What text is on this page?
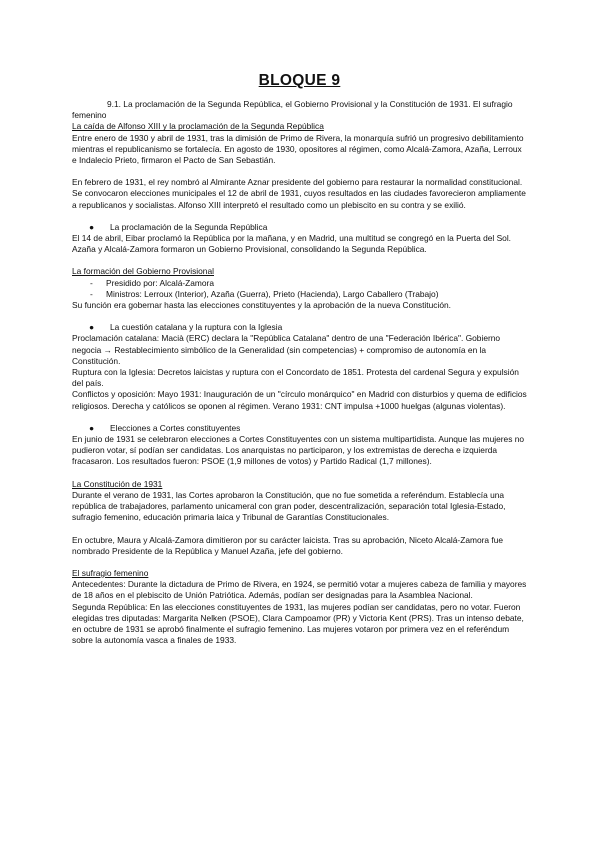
BLOQUE 9

9.1. La proclamación de la Segunda República, el Gobierno Provisional y la Constitución de 1931. El sufragio femenino

La caída de Alfonso XIII y la proclamación de la Segunda República

Entre enero de 1930 y abril de 1931, tras la dimisión de Primo de Rivera, la monarquía sufrió un progresivo debilitamiento mientras el republicanismo se fortalecía. En agosto de 1930, opositores al régimen, como Alcalá-Zamora, Azaña, Lerroux e Indalecio Prieto, firmaron el Pacto de San Sebastián.

En febrero de 1931, el rey nombró al Almirante Aznar presidente del gobierno para restaurar la normalidad constitucional. Se convocaron elecciones municipales el 12 de abril de 1931, cuyos resultados en las ciudades favorecieron ampliamente a republicanos y socialistas. Alfonso XIII interpretó el resultado como un plebiscito en su contra y se exilió.

● La proclamación de la Segunda República

El 14 de abril, Eibar proclamó la República por la mañana, y en Madrid, una multitud se congregó en la Puerta del Sol. Azaña y Alcalá-Zamora formaron un Gobierno Provisional, consolidando la Segunda República.

La formación del Gobierno Provisional

- Presidido por: Alcalá-Zamora

- Ministros: Lerroux (Interior), Azaña (Guerra), Prieto (Hacienda), Largo Caballero (Trabajo)

Su función era gobernar hasta las elecciones constituyentes y la aprobación de la nueva Constitución.

● La cuestión catalana y la ruptura con la Iglesia

Proclamación catalana: Macià (ERC) declara la "República Catalana" dentro de una "Federación Ibérica". Gobierno negocia → Restablecimiento simbólico de la Generalidad (sin competencias) + compromiso de autonomía en la Constitución.

Ruptura con la Iglesia: Decretos laicistas y ruptura con el Concordato de 1851. Protesta del cardenal Segura y expulsión del país.

Conflictos y oposición: Mayo 1931: Inauguración de un "círculo monárquico" en Madrid con disturbios y quema de edificios religiosos. Derecha y católicos se oponen al régimen. Verano 1931: CNT impulsa +1000 huelgas (algunas violentas).

● Elecciones a Cortes constituyentes

En junio de 1931 se celebraron elecciones a Cortes Constituyentes con un sistema multipartidista. Aunque las mujeres no pudieron votar, sí podían ser candidatas. Los anarquistas no participaron, y los extremistas de derecha e izquierda fracasaron. Los resultados fueron: PSOE (1,9 millones de votos) y Partido Radical (1,7 millones).

La Constitución de 1931

Durante el verano de 1931, las Cortes aprobaron la Constitución, que no fue sometida a referéndum. Establecía una república de trabajadores, parlamento unicameral con gran poder, descentralización, separación total Iglesia-Estado, sufragio femenino, educación primaria laica y Tribunal de Garantías Constitucionales.

En octubre, Maura y Alcalá-Zamora dimitieron por su carácter laicista. Tras su aprobación, Niceto Alcalá-Zamora fue nombrado Presidente de la República y Manuel Azaña, jefe del gobierno.

El sufragio femenino

Antecedentes: Durante la dictadura de Primo de Rivera, en 1924, se permitió votar a mujeres cabeza de familia y mayores de 18 años en el plebiscito de Unión Patriótica. Además, podían ser designadas para la Asamblea Nacional.

Segunda República: En las elecciones constituyentes de 1931, las mujeres podían ser candidatas, pero no votar. Fueron elegidas tres diputadas: Margarita Nelken (PSOE), Clara Campoamor (PR) y Victoria Kent (PRS). Tras un intenso debate, en octubre de 1931 se aprobó finalmente el sufragio femenino. Las mujeres votaron por primera vez en el referéndum sobre la autonomía vasca a finales de 1933.
